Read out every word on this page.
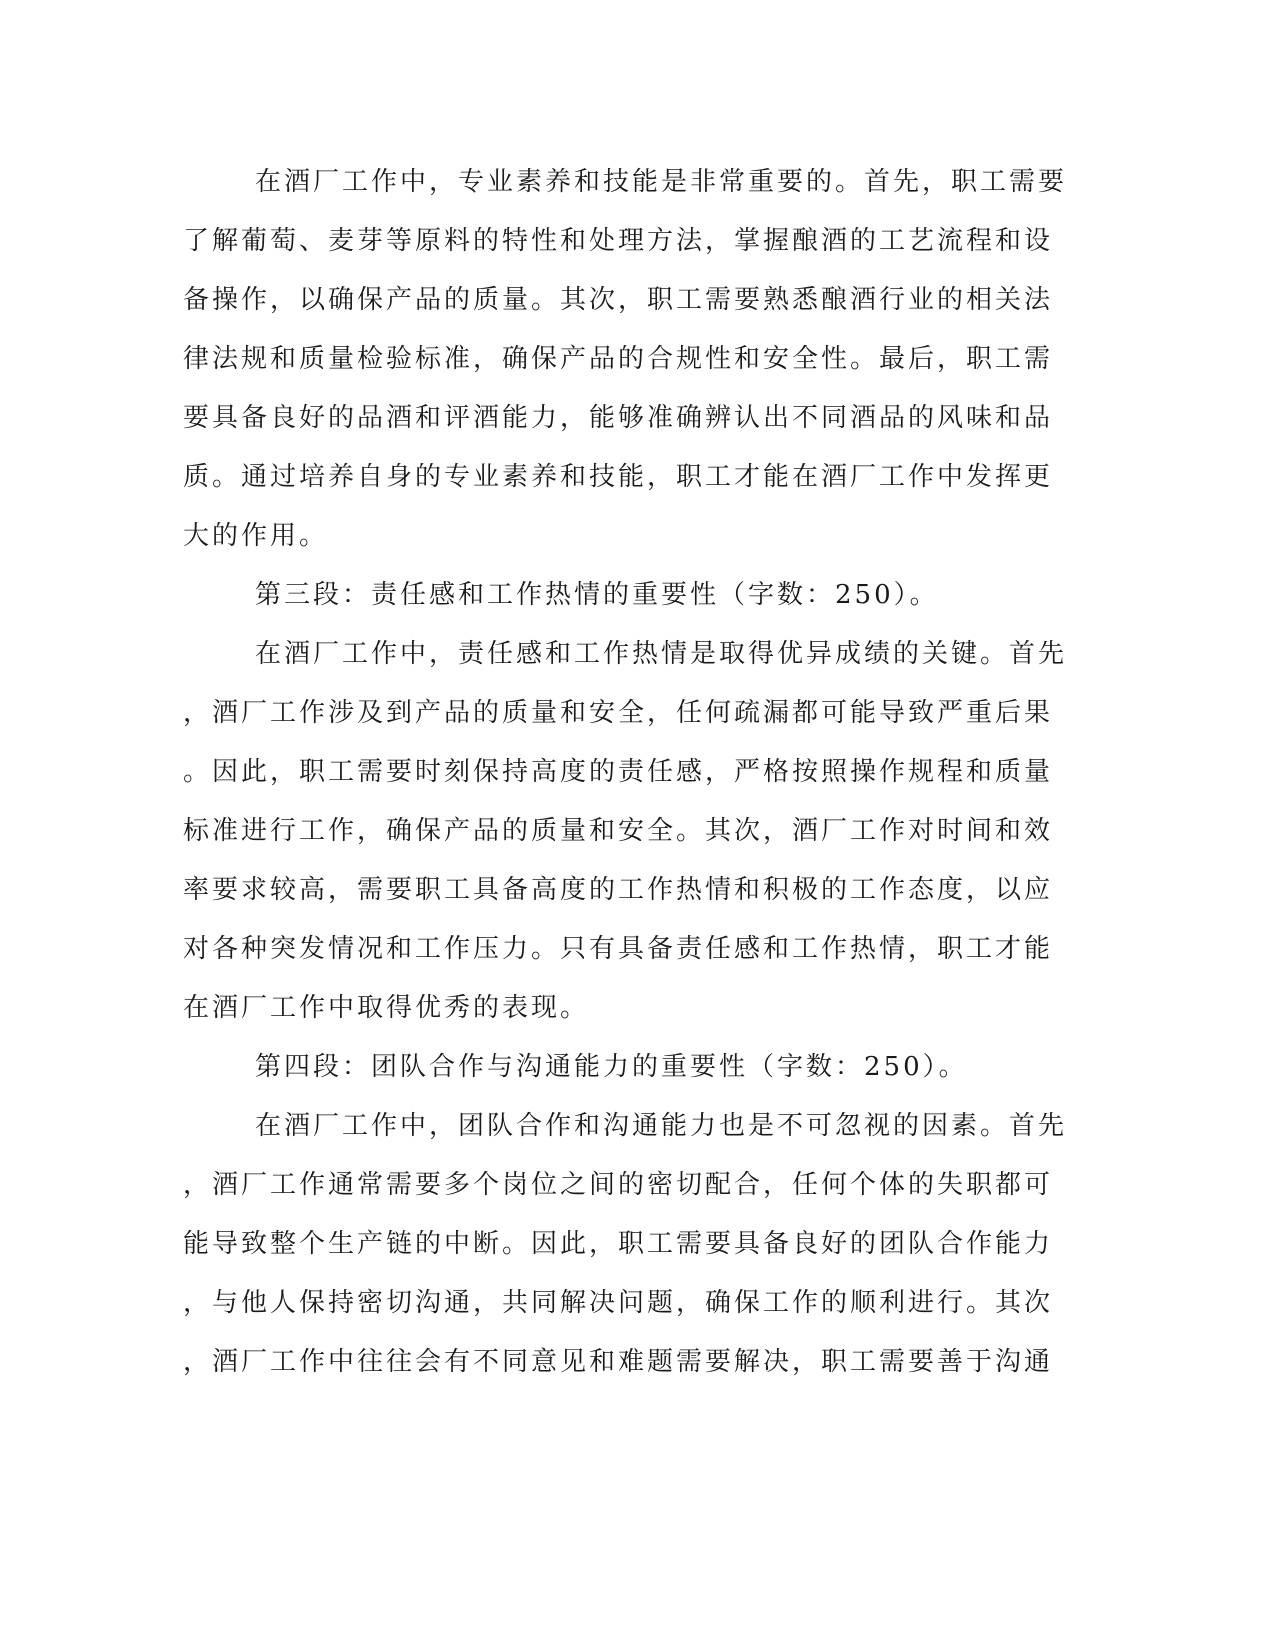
在酒厂工作中，专业素养和技能是非常重要的。首先，职工需要
了解葡萄、麦芽等原料的特性和处理方法，掌握酿酒的工艺流程和设
备操作，以确保产品的质量。其次，职工需要熟悉酿酒行业的相关法
律法规和质量检验标准，确保产品的合规性和安全性。最后，职工需
要具备良好的品酒和评酒能力，能够准确辨认出不同酒品的风味和品
质。通过培养自身的专业素养和技能，职工才能在酒厂工作中发挥更
大的作用。
第三段：责任感和工作热情的重要性（字数：250）。
在酒厂工作中，责任感和工作热情是取得优异成绩的关键。首先
，酒厂工作涉及到产品的质量和安全，任何疏漏都可能导致严重后果
。因此，职工需要时刻保持高度的责任感，严格按照操作规程和质量
标准进行工作，确保产品的质量和安全。其次，酒厂工作对时间和效
率要求较高，需要职工具备高度的工作热情和积极的工作态度，以应
对各种突发情况和工作压力。只有具备责任感和工作热情，职工才能
在酒厂工作中取得优秀的表现。
第四段：团队合作与沟通能力的重要性（字数：250）。
在酒厂工作中，团队合作和沟通能力也是不可忽视的因素。首先
，酒厂工作通常需要多个岗位之间的密切配合，任何个体的失职都可
能导致整个生产链的中断。因此，职工需要具备良好的团队合作能力
，与他人保持密切沟通，共同解决问题，确保工作的顺利进行。其次
，酒厂工作中往往会有不同意见和难题需要解决，职工需要善于沟通
